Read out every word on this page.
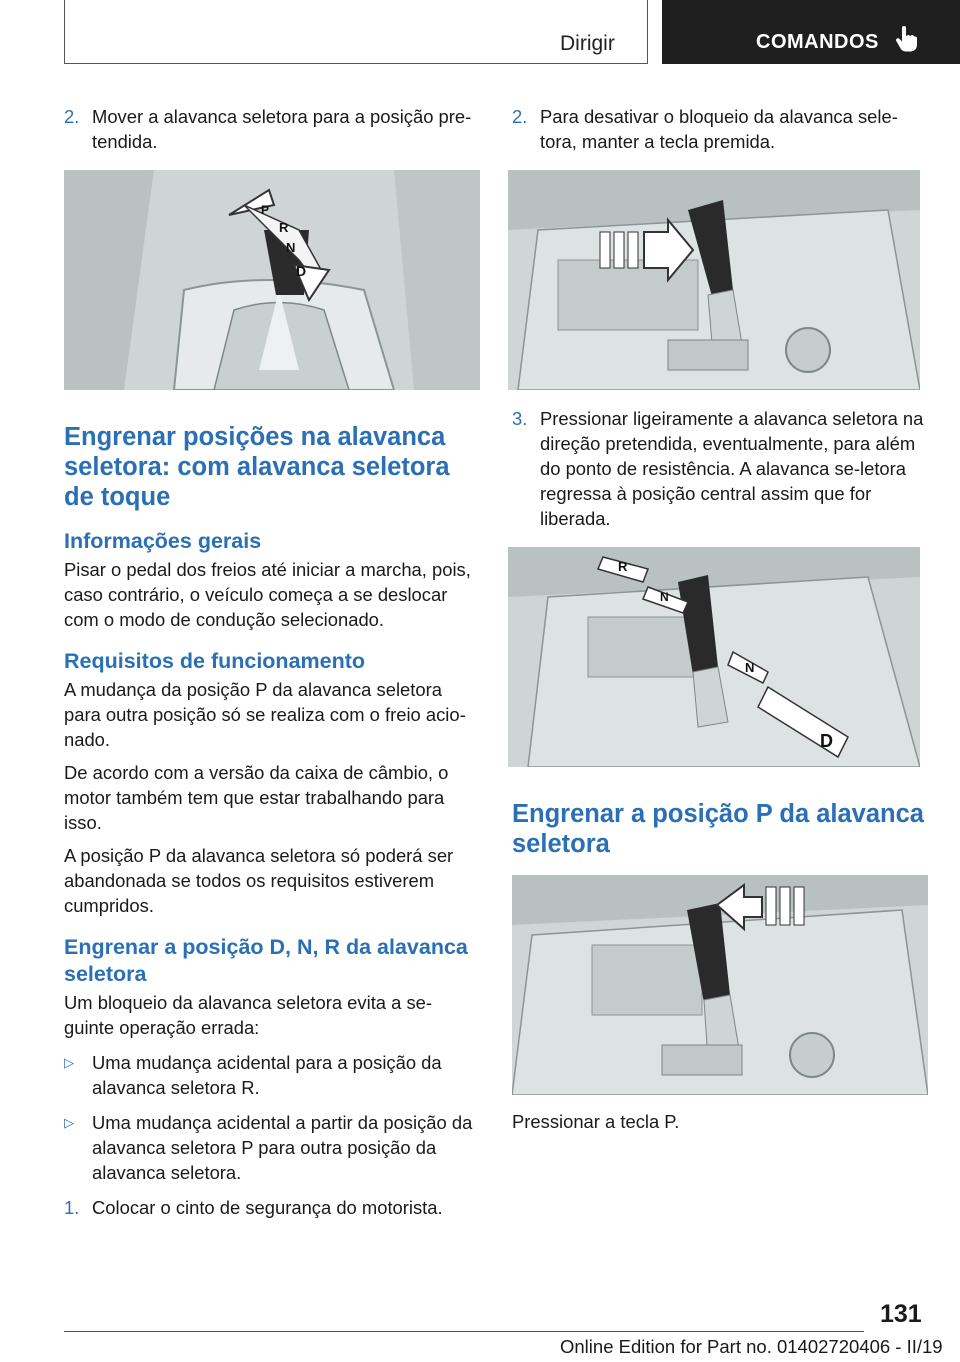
Dirigir	COMANDOS
2. Mover a alavanca seletora para a posição pre-tendida.
P
R
N
D
Engrenar posições na alavanca seletora: com alavanca seletora de toque
Informações gerais

Pisar o pedal dos freios até iniciar a marcha, pois, caso contrário, o veículo começa a se deslocar com o modo de condução selecionado.

Requisitos de funcionamento

A mudança da posição P da alavanca seletora para outra posição só se realiza com o freio acio-nado.

De acordo com a versão da caixa de câmbio, o motor também tem que estar trabalhando para isso.

A posição P da alavanca seletora só poderá ser abandonada se todos os requisitos estiverem cumpridos.

Engrenar a posição D, N, R da alavanca seletora

Um bloqueio da alavanca seletora evita a se-guinte operação errada:

▷ Uma mudança acidental para a posição da alavanca seletora R.
▷ Uma mudança acidental a partir da posição da alavanca seletora P para outra posição da alavanca seletora.
1. Colocar o cinto de segurança do motorista.
2. Para desativar o bloqueio da alavanca sele-tora, manter a tecla premida.
3. Pressionar ligeiramente a alavanca seletora na direção pretendida, eventualmente, para além do ponto de resistência. A alavanca se-letora regressa à posição central assim que for liberada.
R
N
N
D
Engrenar a posição P da alavanca seletora

Pressionar a tecla P.

131
Online Edition for Part no. 01402720406 - II/19
